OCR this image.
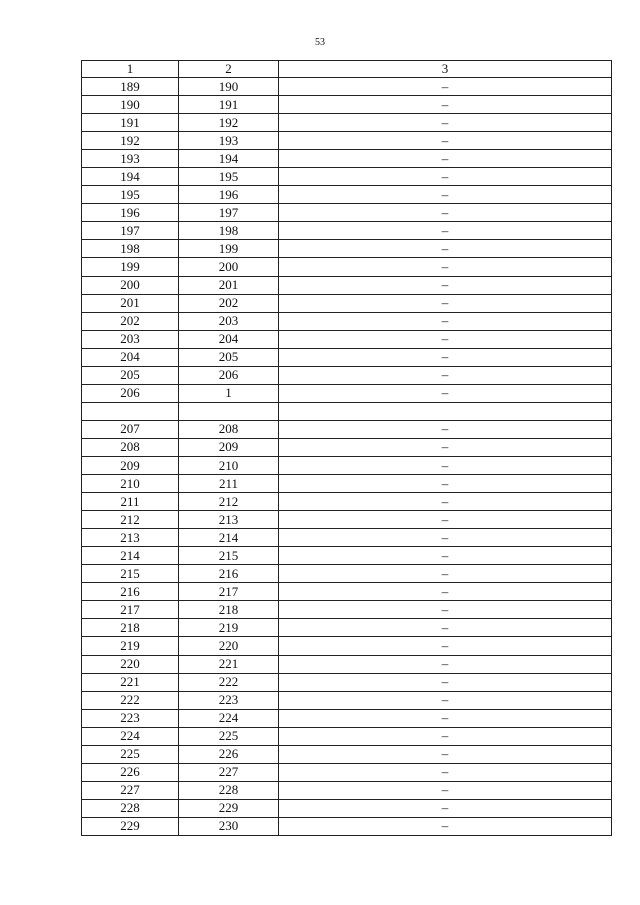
53
1	2	3
189	190	–
190	191	–
191	192	–
192	193	–
193	194	–
194	195	–
195	196	–
196	197	–
197	198	–
198	199	–
199	200	–
200	201	–
201	202	–
202	203	–
203	204	–
204	205	–
205	206	–
206	1	–

207	208	–
208	209	–
209	210	–
210	211	–
211	212	–
212	213	–
213	214	–
214	215	–
215	216	–
216	217	–
217	218	–
218	219	–
219	220	–
220	221	–
221	222	–
222	223	–
223	224	–
224	225	–
225	226	–
226	227	–
227	228	–
228	229	–
229	230	–
